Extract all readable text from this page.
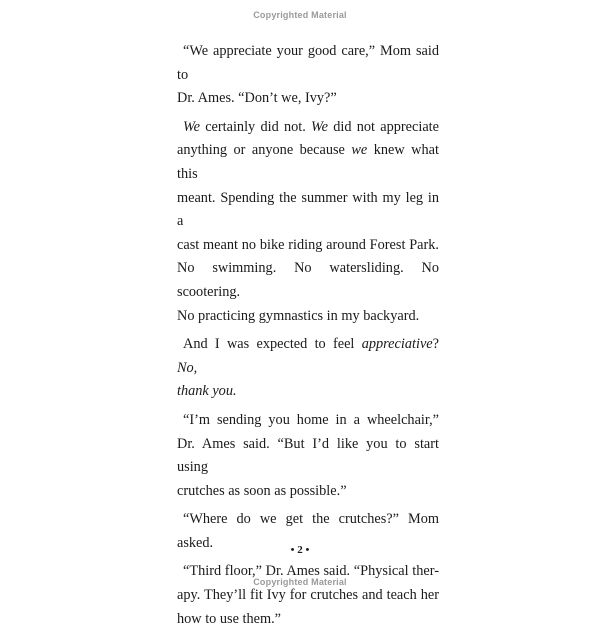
Copyrighted Material

“We appreciate your good care,” Mom said to
Dr. Ames. “Don’t we, Ivy?”

We certainly did not. We did not appreciate
anything or anyone because we knew what this
meant. Spending the summer with my leg in a
cast meant no bike riding around Forest Park.
No swimming. No watersliding. No scootering.
No practicing gymnastics in my backyard.

And I was expected to feel appreciative? No,
thank you.

“I’m sending you home in a wheelchair,”
Dr. Ames said. “But I’d like you to start using
crutches as soon as possible.”

“Where do we get the crutches?” Mom
asked.

“Third floor,” Dr. Ames said. “Physical ther-
apy. They’ll fit Ivy for crutches and teach her
how to use them.”

• 2 •
Copyrighted Material
